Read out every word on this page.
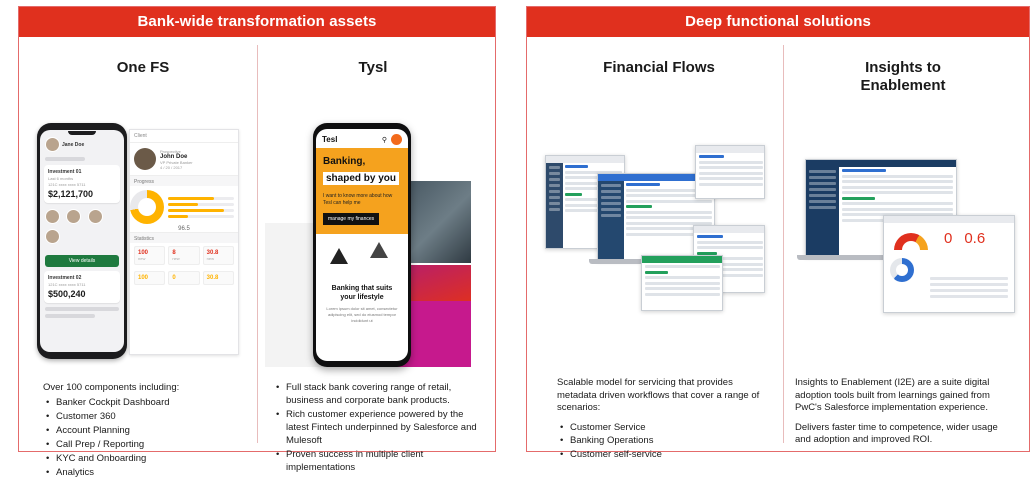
Bank-wide transformation assets
One FS
Jane Doe
Investment 01
Last 6 months
121C xxxx xxxx 5711
$2,121,700

View details
Investment 02
121C xxxx xxxx 5711
$500,240
Client
Prospective
John Doe
VP Private Banker
4 / 20 / 2017
Progress
96.5
Statistics
100
new
8
new
30.8
new
100	0	30.8

Over 100 components including:

• Banker Cockpit Dashboard
• Customer 360
• Account Planning
• Call Prep / Reporting
• KYC and Onboarding
• Analytics
Tysl
Tesl	⚲
Banking,
shaped by you
I want to know more about how Tesl can help me
manage my finances
Banking that suits your lifestyle
Lorem ipsum dolor sit amet, consectetur adipiscing elit, sed do eiusmod tempor incididunt ut
• Full stack bank covering range of retail, business and corporate bank products.
• Rich customer experience powered by the latest Fintech underpinned by Salesforce and Mulesoft
• Proven success in multiple client implementations
Deep functional solutions
Financial Flows

Scalable model for servicing that provides metadata driven workflows that cover a range of scenarios:

• Customer Service
• Banking Operations
• Customer self-service
Insights to
Enablement
0 0.6

Insights to Enablement (I2E) are a suite digital adoption tools built from learnings gained from PwC's Salesforce implementation experience.

Delivers faster time to competence, wider usage and adoption and improved ROI.
